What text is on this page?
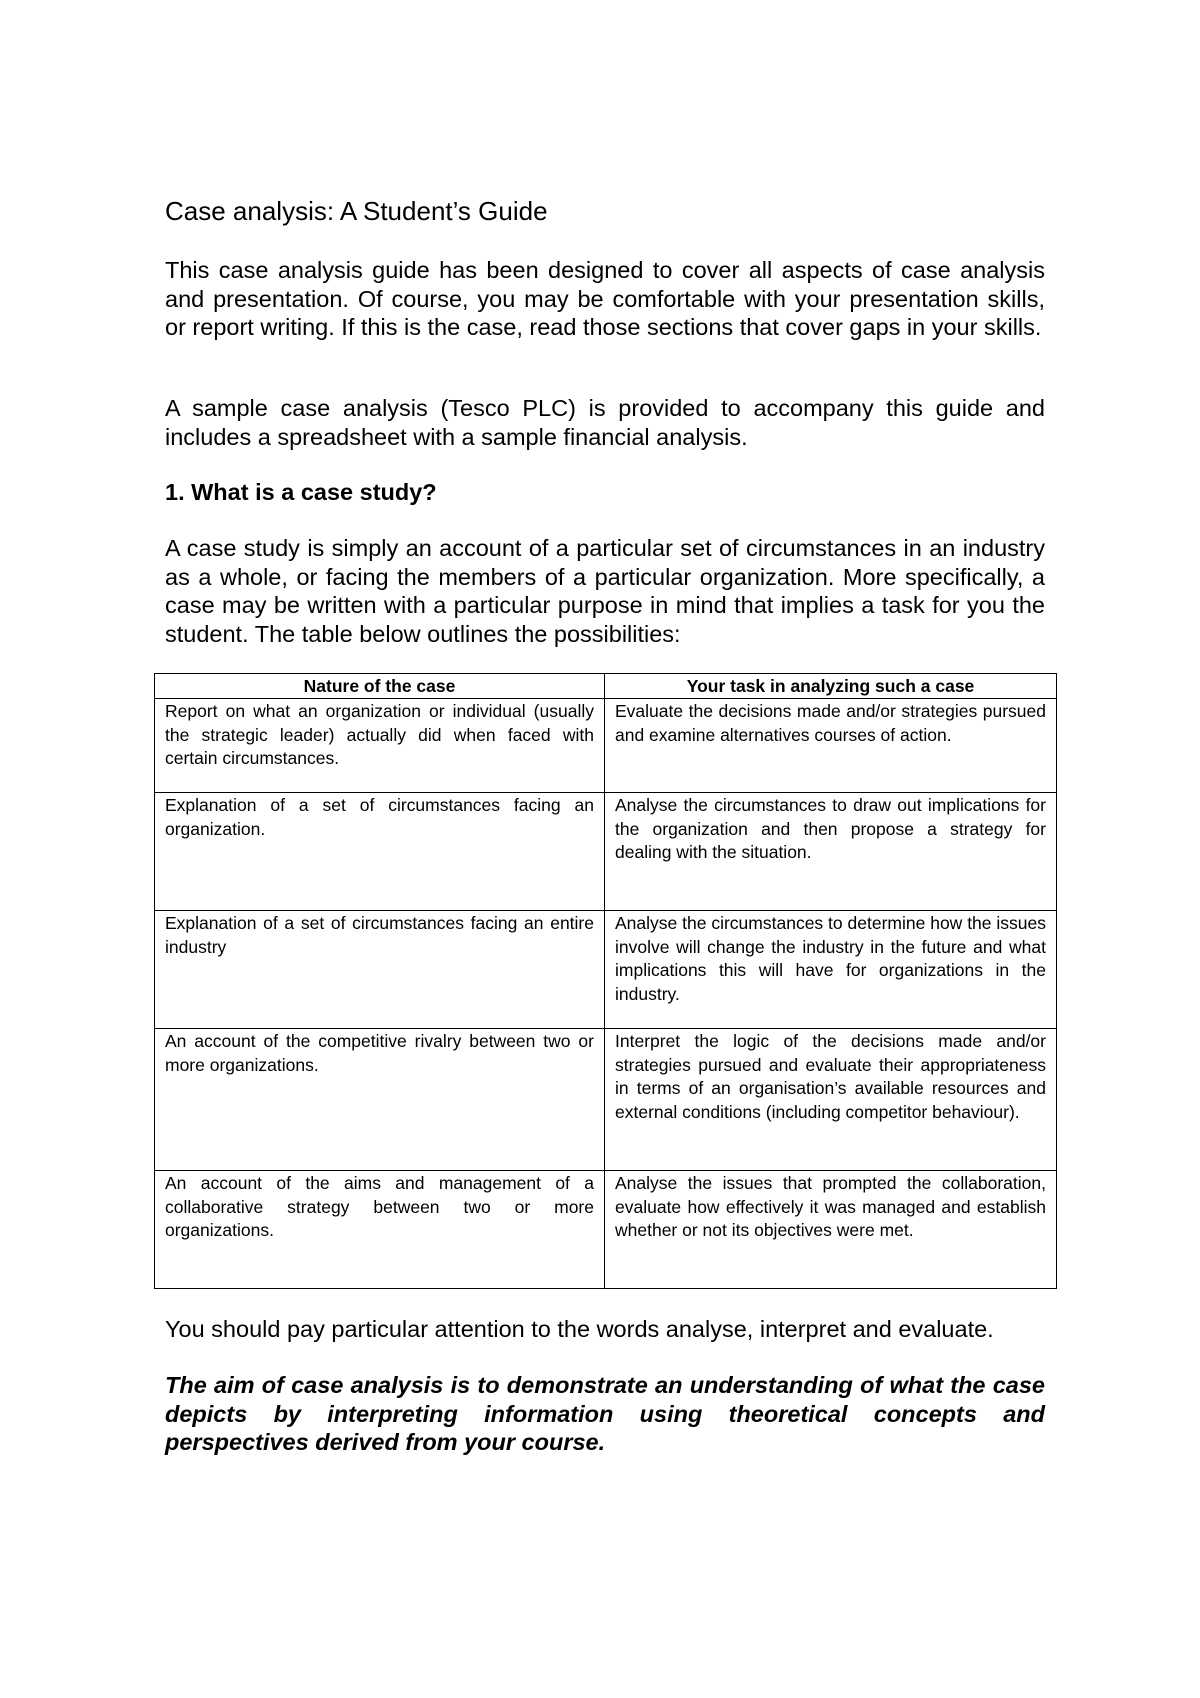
Case analysis: A Student’s Guide

This case analysis guide has been designed to cover all aspects of case analysis and presentation. Of course, you may be comfortable with your presentation skills, or report writing. If this is the case, read those sections that cover gaps in your skills.

A sample case analysis (Tesco PLC) is provided to accompany this guide and includes a spreadsheet with a sample financial analysis.

1. What is a case study?

A case study is simply an account of a particular set of circumstances in an industry as a whole, or facing the members of a particular organization. More specifically, a case may be written with a particular purpose in mind that implies a task for you the student. The table below outlines the possibilities:

Nature of the case	Your task in analyzing such a case
Report on what an organization or individual (usually the strategic leader) actually did when faced with certain circumstances.	Evaluate the decisions made and/or strategies pursued and examine alternatives courses of action.
Explanation of a set of circumstances facing an organization.	Analyse the circumstances to draw out implications for the organization and then propose a strategy for dealing with the situation.
Explanation of a set of circumstances facing an entire industry	Analyse the circumstances to determine how the issues involve will change the industry in the future and what implications this will have for organizations in the industry.
An account of the competitive rivalry between two or more organizations.	Interpret the logic of the decisions made and/or strategies pursued and evaluate their appropriateness in terms of an organisation’s available resources and external conditions (including competitor behaviour).
An account of the aims and management of a collaborative strategy between two or more organizations.	Analyse the issues that prompted the collaboration, evaluate how effectively it was managed and establish whether or not its objectives were met.

You should pay particular attention to the words analyse, interpret and evaluate.

The aim of case analysis is to demonstrate an understanding of what the case depicts by interpreting information using theoretical concepts and perspectives derived from your course.
